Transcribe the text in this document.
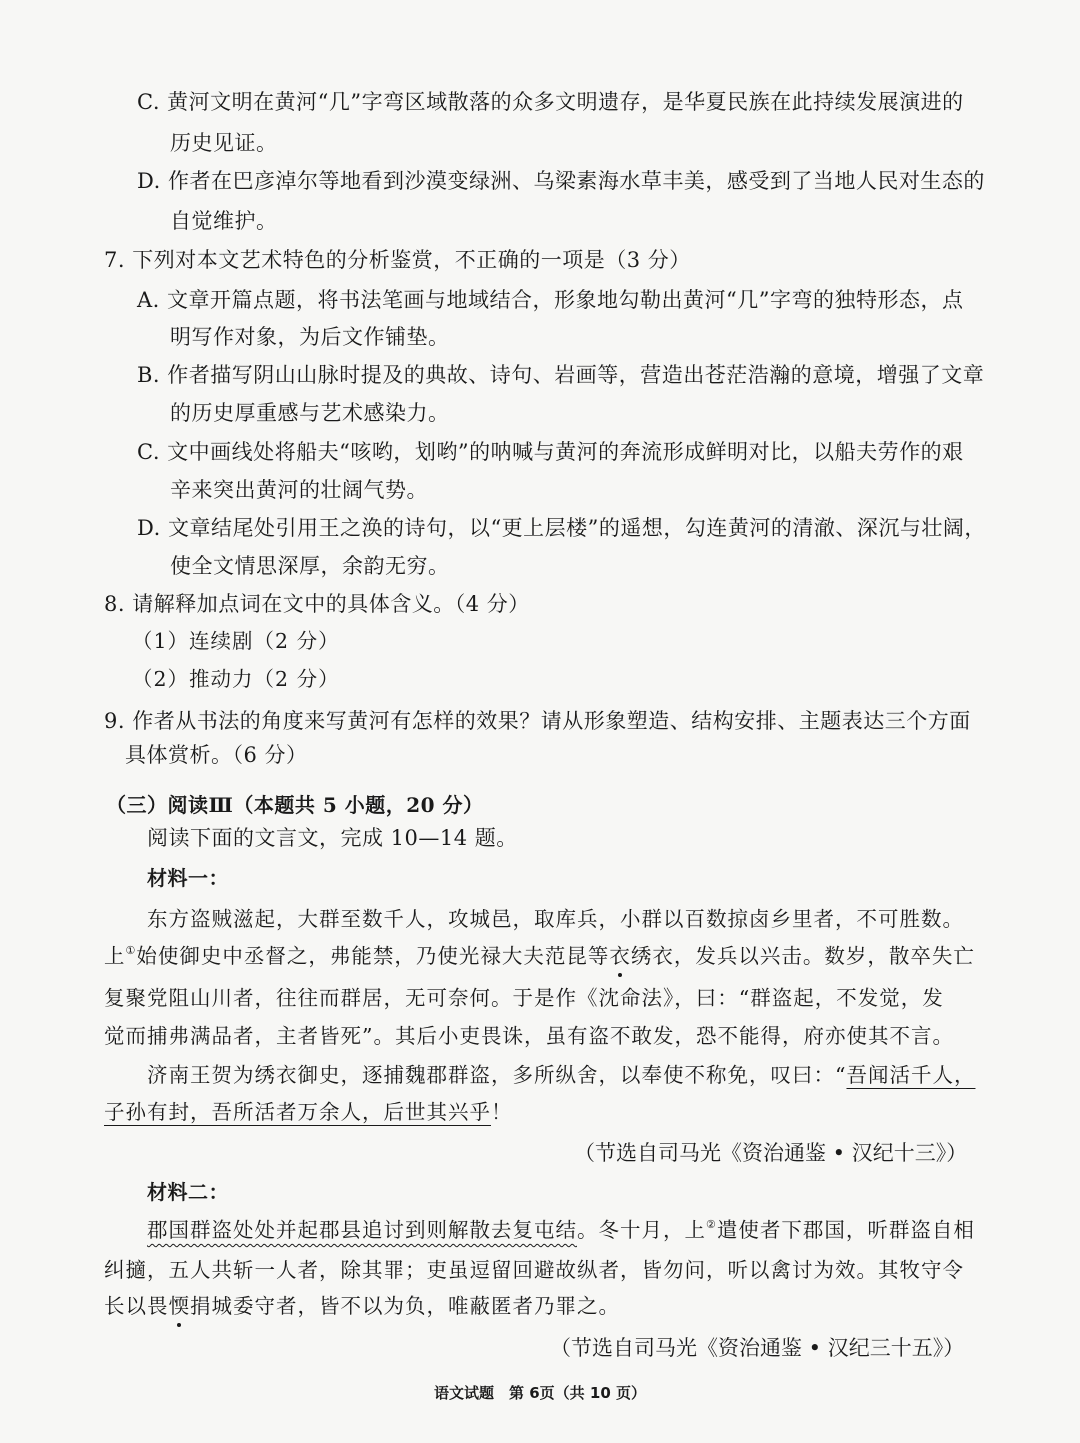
C. 黄河文明在黄河“几”字弯区域散落的众多文明遗存，是华夏民族在此持续发展演进的
历史见证。
D. 作者在巴彦淖尔等地看到沙漠变绿洲、乌梁素海水草丰美，感受到了当地人民对生态的
自觉维护。
7. 下列对本文艺术特色的分析鉴赏，不正确的一项是（3 分）
A. 文章开篇点题，将书法笔画与地域结合，形象地勾勒出黄河“几”字弯的独特形态，点
明写作对象，为后文作铺垫。
B. 作者描写阴山山脉时提及的典故、诗句、岩画等，营造出苍茫浩瀚的意境，增强了文章
的历史厚重感与艺术感染力。
C. 文中画线处将船夫“咳哟，划哟”的呐喊与黄河的奔流形成鲜明对比，以船夫劳作的艰
辛来突出黄河的壮阔气势。
D. 文章结尾处引用王之涣的诗句，以“更上层楼”的遥想，勾连黄河的清澈、深沉与壮阔，
使全文情思深厚，余韵无穷。
8. 请解释加点词在文中的具体含义。（4 分）
（1）连续剧（2 分）
（2）推动力（2 分）
9. 作者从书法的角度来写黄河有怎样的效果？请从形象塑造、结构安排、主题表达三个方面
具体赏析。（6 分）
（三）阅读Ⅲ（本题共 5 小题，20 分）
阅读下面的文言文，完成 10—14 题。
材料一：
东方盗贼滋起，大群至数千人，攻城邑，取库兵，小群以百数掠卤乡里者，不可胜数。
上①始使御史中丞督之，弗能禁，乃使光禄大夫范昆等衣绣衣，发兵以兴击。数岁，散卒失亡
复聚党阻山川者，往往而群居，无可奈何。于是作《沈命法》，曰：“群盗起，不发觉，发
觉而捕弗满品者，主者皆死”。其后小吏畏诛，虽有盗不敢发，恐不能得，府亦使其不言。
济南王贺为绣衣御史，逐捕魏郡群盗，多所纵舍，以奉使不称免，叹曰：“吾闻活千人，
子孙有封，吾所活者万余人，后世其兴乎！
（节选自司马光《资治通鉴 • 汉纪十三》）
材料二：
郡国群盗处处并起郡县追讨到则解散去复屯结。冬十月，上②遣使者下郡国，听群盗自相
纠擿，五人共斩一人者，除其罪；吏虽逗留回避故纵者，皆勿问，听以禽讨为效。其牧守令
长以畏愞捐城委守者，皆不以为负，唯蔽匿者乃罪之。
（节选自司马光《资治通鉴 • 汉纪三十五》）
语文试题　第 6页（共 10 页）
